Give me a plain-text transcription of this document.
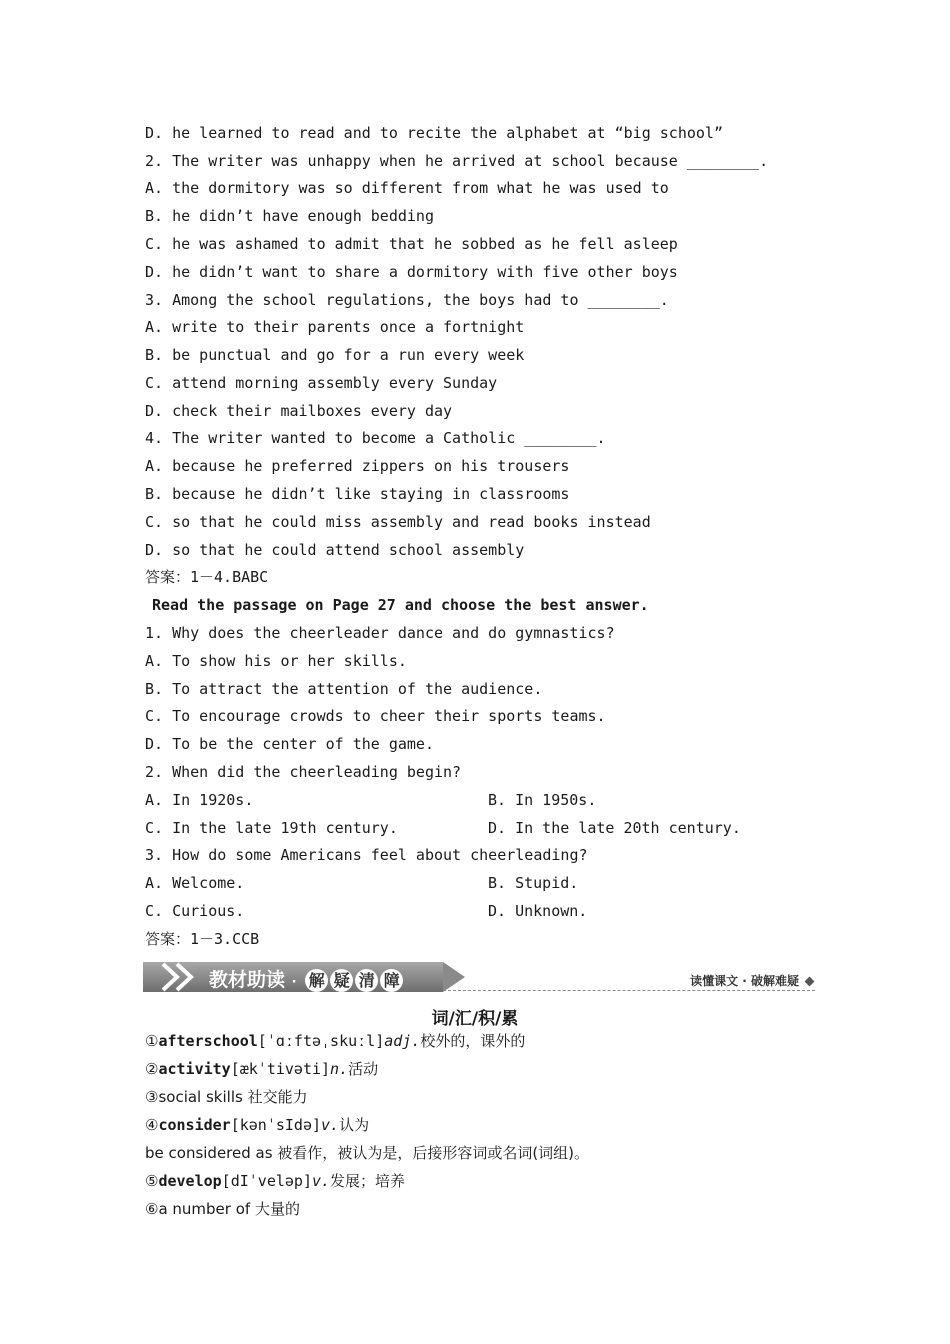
D. he learned to read and to recite the alphabet at “big school”
2. The writer was unhappy when he arrived at school because ________.
A. the dormitory was so different from what he was used to
B. he didn’t have enough bedding
C. he was ashamed to admit that he sobbed as he fell asleep
D. he didn’t want to share a dormitory with five other boys
3. Among the school regulations, the boys had to ________.
A. write to their parents once a fortnight
B. be punctual and go for a run every week
C. attend morning assembly every Sunday
D. check their mailboxes every day
4. The writer wanted to become a Catholic ________.
A. because he preferred zippers on his trousers
B. because he didn’t like staying in classrooms
C. so that he could miss assembly and read books instead
D. so that he could attend school assembly
答案：1－4.BABC
Read the passage on Page 27 and choose the best answer.
1. Why does the cheerleader dance and do gymnastics?
A. To show his or her skills.
B. To attract the attention of the audience.
C. To encourage crowds to cheer their sports teams.
D. To be the center of the game.
2. When did the cheerleading begin?
A. In 1920s.	B. In 1950s.
C. In the late 19th century.	D. In the late 20th century.
3. How do some Americans feel about cheerleading?
A. Welcome.	B. Stupid.
C. Curious.	D. Unknown.
答案：1－3.CCB
教材助读 · 解 疑 清 障	读懂课文 · 破解难疑
词/汇/积/累
①afterschool[ˈɑːftəˌskuːl]adj.校外的，课外的
②activity[ækˈtivəti]n.活动
③social skills 社交能力
④consider[kənˈsIdə]v.认为
be considered as 被看作，被认为是，后接形容词或名词(词组)。
⑤develop[dIˈveləp]v.发展；培养
⑥a number of 大量的
